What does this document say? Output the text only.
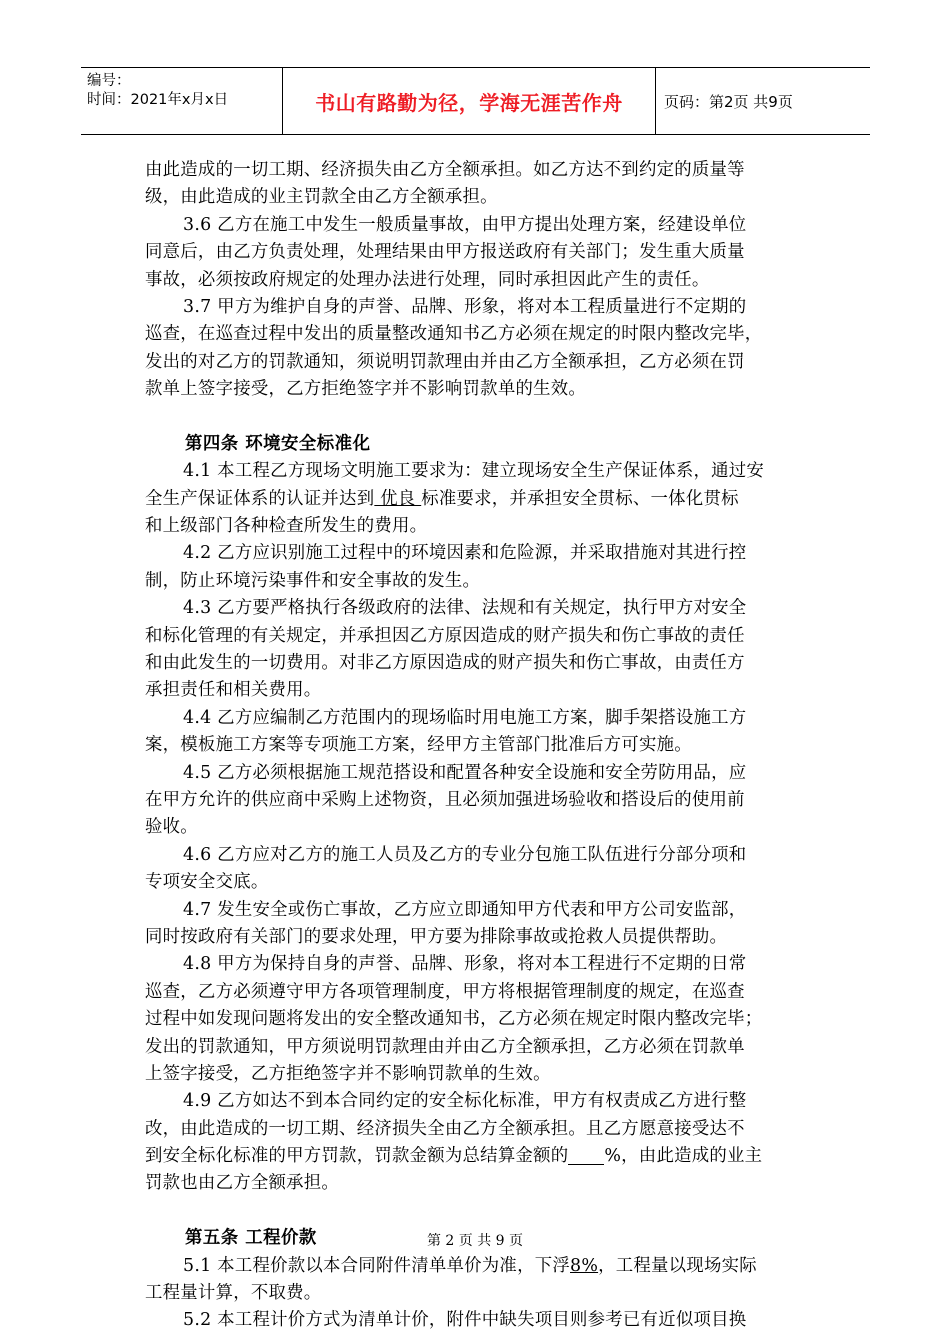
编号：
时间：2021年x月x日	书山有路勤为径，学海无涯苦作舟	页码：第2页 共9页
由此造成的一切工期、经济损失由乙方全额承担。如乙方达不到约定的质量等
级，由此造成的业主罚款全由乙方全额承担。
3.6 乙方在施工中发生一般质量事故，由甲方提出处理方案，经建设单位
同意后，由乙方负责处理，处理结果由甲方报送政府有关部门；发生重大质量
事故，必须按政府规定的处理办法进行处理，同时承担因此产生的责任。
3.7 甲方为维护自身的声誉、品牌、形象，将对本工程质量进行不定期的
巡查，在巡查过程中发出的质量整改通知书乙方必须在规定的时限内整改完毕，
发出的对乙方的罚款通知，须说明罚款理由并由乙方全额承担，乙方必须在罚
款单上签字接受，乙方拒绝签字并不影响罚款单的生效。
第四条 环境安全标准化
4.1 本工程乙方现场文明施工要求为：建立现场安全生产保证体系，通过安
全生产保证体系的认证并达到 优良 标准要求，并承担安全贯标、一体化贯标
和上级部门各种检查所发生的费用。
4.2 乙方应识别施工过程中的环境因素和危险源，并采取措施对其进行控
制，防止环境污染事件和安全事故的发生。
4.3 乙方要严格执行各级政府的法律、法规和有关规定，执行甲方对安全
和标化管理的有关规定，并承担因乙方原因造成的财产损失和伤亡事故的责任
和由此发生的一切费用。对非乙方原因造成的财产损失和伤亡事故，由责任方
承担责任和相关费用。
4.4 乙方应编制乙方范围内的现场临时用电施工方案，脚手架搭设施工方
案，模板施工方案等专项施工方案，经甲方主管部门批准后方可实施。
4.5 乙方必须根据施工规范搭设和配置各种安全设施和安全劳防用品，应
在甲方允许的供应商中采购上述物资，且必须加强进场验收和搭设后的使用前
验收。
4.6 乙方应对乙方的施工人员及乙方的专业分包施工队伍进行分部分项和
专项安全交底。
4.7 发生安全或伤亡事故，乙方应立即通知甲方代表和甲方公司安监部，
同时按政府有关部门的要求处理，甲方要为排除事故或抢救人员提供帮助。
4.8 甲方为保持自身的声誉、品牌、形象，将对本工程进行不定期的日常
巡查，乙方必须遵守甲方各项管理制度，甲方将根据管理制度的规定，在巡查
过程中如发现问题将发出的安全整改通知书，乙方必须在规定时限内整改完毕；
发出的罚款通知，甲方须说明罚款理由并由乙方全额承担，乙方必须在罚款单
上签字接受，乙方拒绝签字并不影响罚款单的生效。
4.9 乙方如达不到本合同约定的安全标化标准，甲方有权责成乙方进行整
改，由此造成的一切工期、经济损失全由乙方全额承担。且乙方愿意接受达不
到安全标化标准的甲方罚款，罚款金额为总结算金额的 %，由此造成的业主
罚款也由乙方全额承担。
第五条 工程价款
5.1 本工程价款以本合同附件清单单价为准，下浮8%，工程量以现场实际
工程量计算，不取费。
5.2 本工程计价方式为清单计价，附件中缺失项目则参考已有近似项目换
第 2 页 共 9 页
